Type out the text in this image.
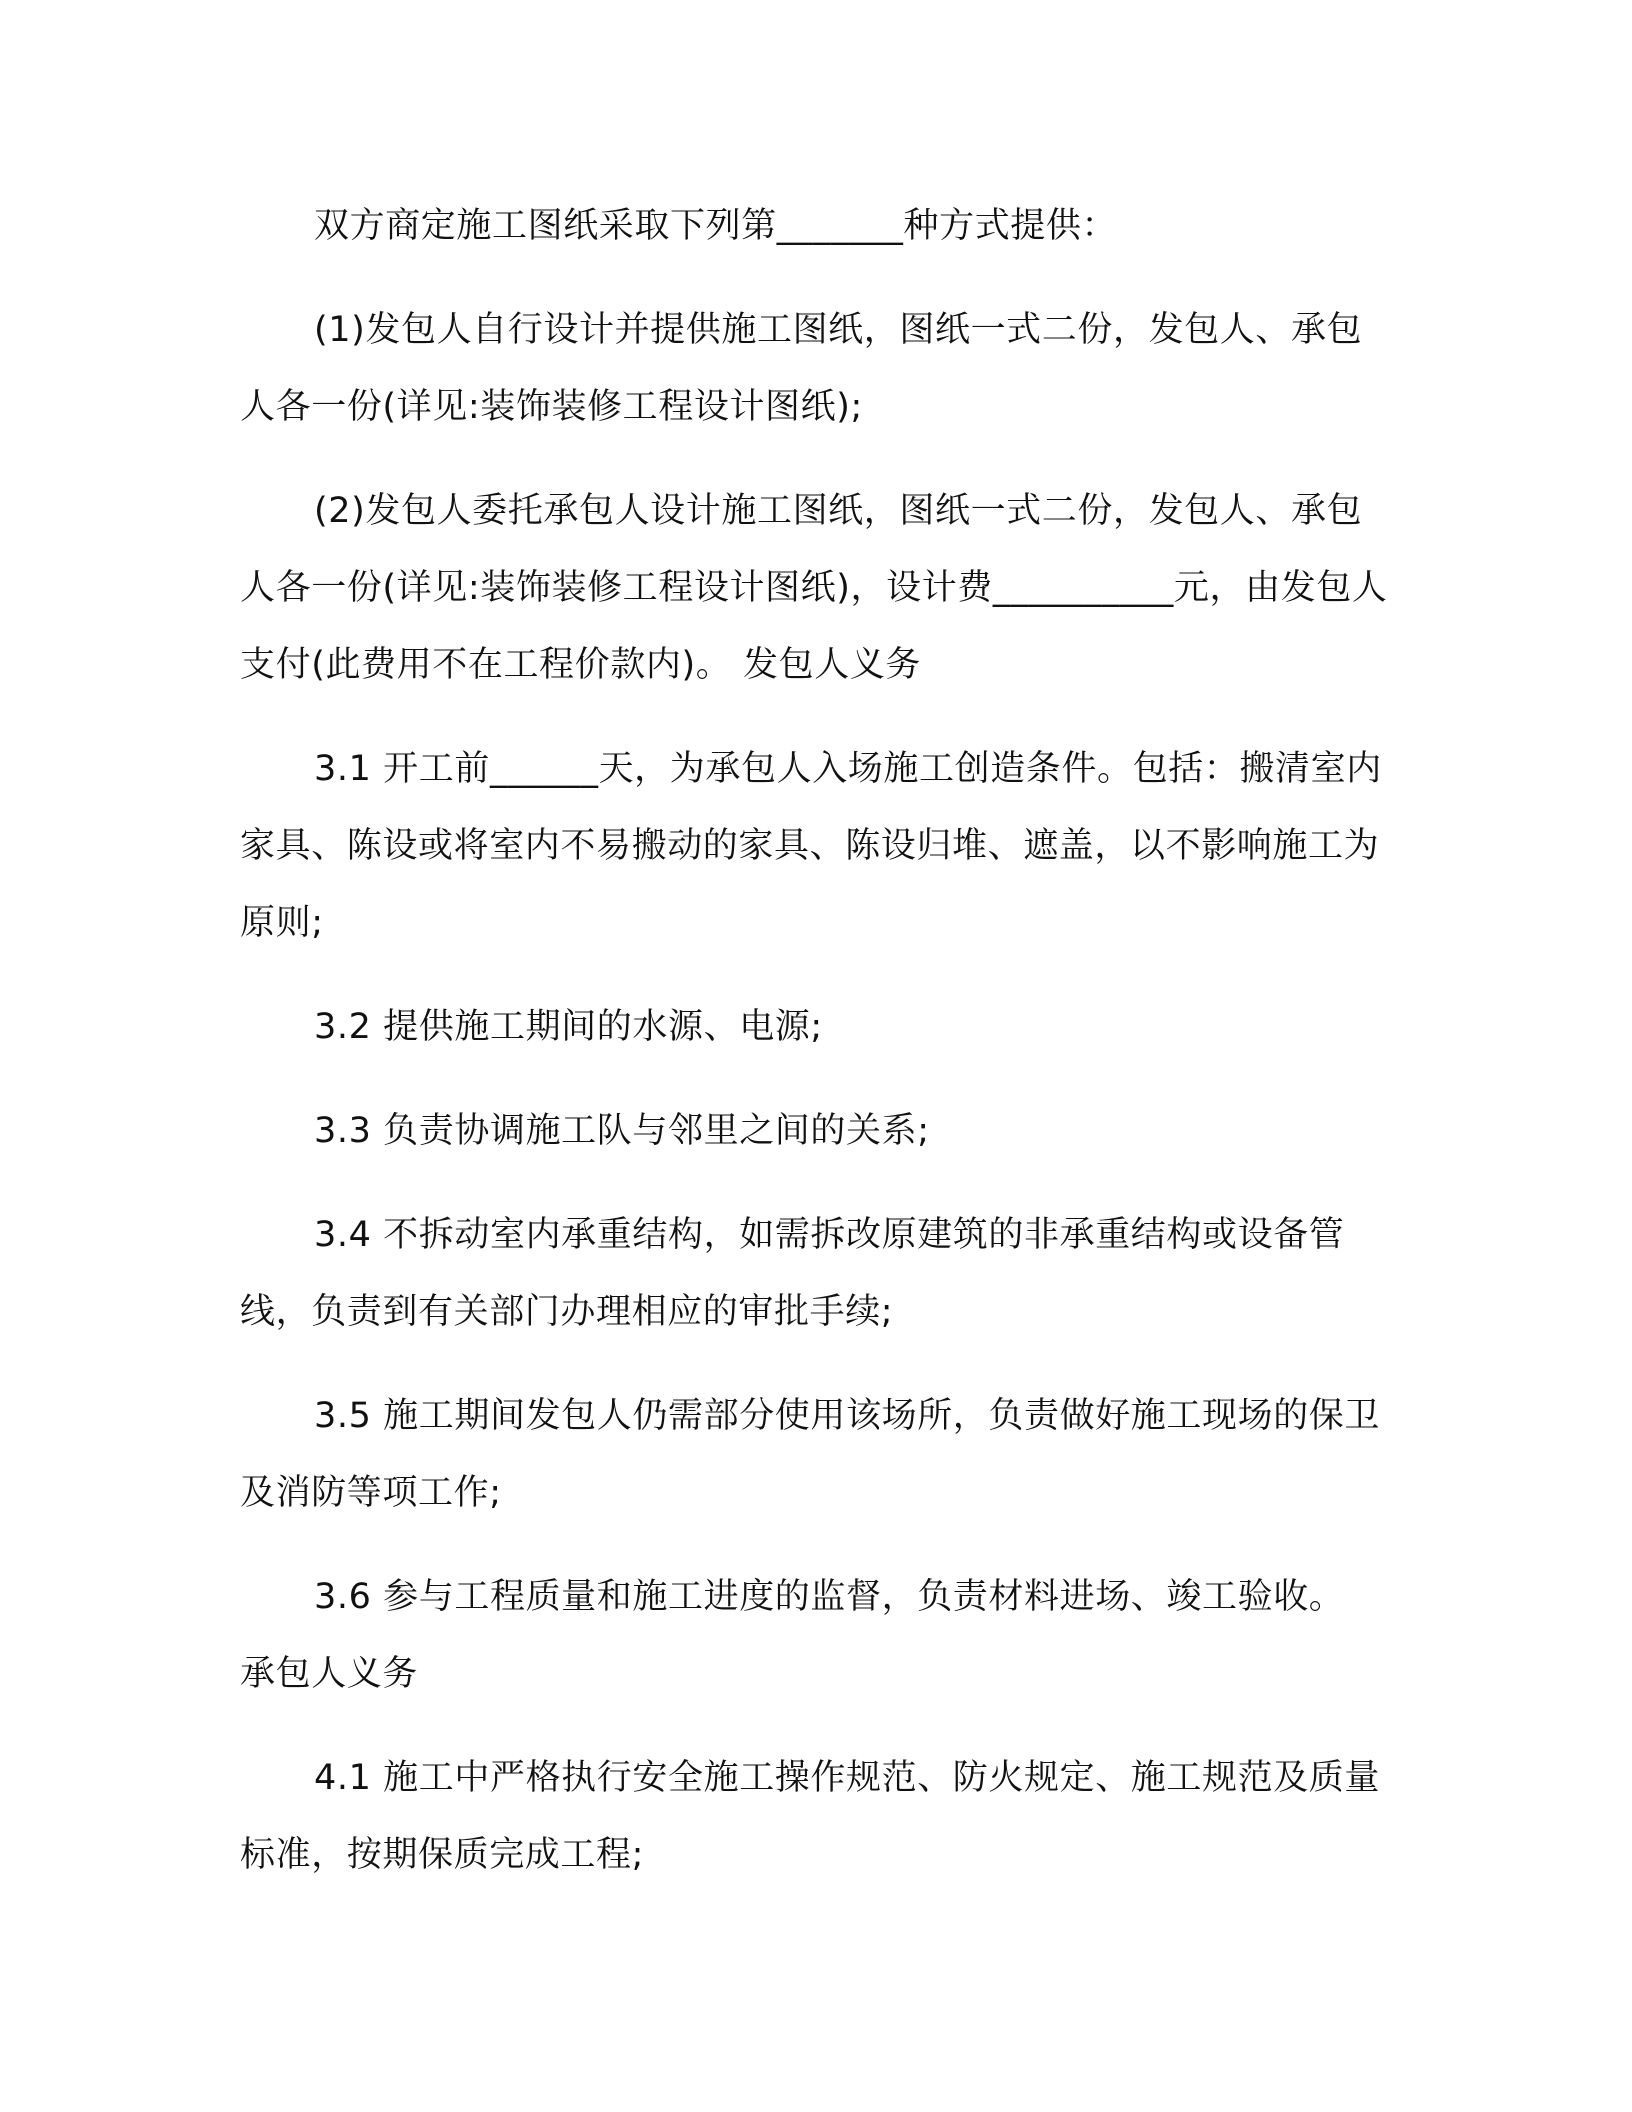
双方商定施工图纸采取下列第_______种方式提供：

(1)发包人自行设计并提供施工图纸，图纸一式二份，发包人、承包人各一份(详见:装饰装修工程设计图纸);

(2)发包人委托承包人设计施工图纸，图纸一式二份，发包人、承包人各一份(详见:装饰装修工程设计图纸)，设计费__________元，由发包人支付(此费用不在工程价款内)。 发包人义务

3.1 开工前______天，为承包人入场施工创造条件。包括：搬清室内家具、陈设或将室内不易搬动的家具、陈设归堆、遮盖，以不影响施工为原则;

3.2 提供施工期间的水源、电源;

3.3 负责协调施工队与邻里之间的关系;

3.4 不拆动室内承重结构，如需拆改原建筑的非承重结构或设备管线，负责到有关部门办理相应的审批手续;

3.5 施工期间发包人仍需部分使用该场所，负责做好施工现场的保卫及消防等项工作;

3.6 参与工程质量和施工进度的监督，负责材料进场、竣工验收。 承包人义务

4.1 施工中严格执行安全施工操作规范、防火规定、施工规范及质量标准，按期保质完成工程;
